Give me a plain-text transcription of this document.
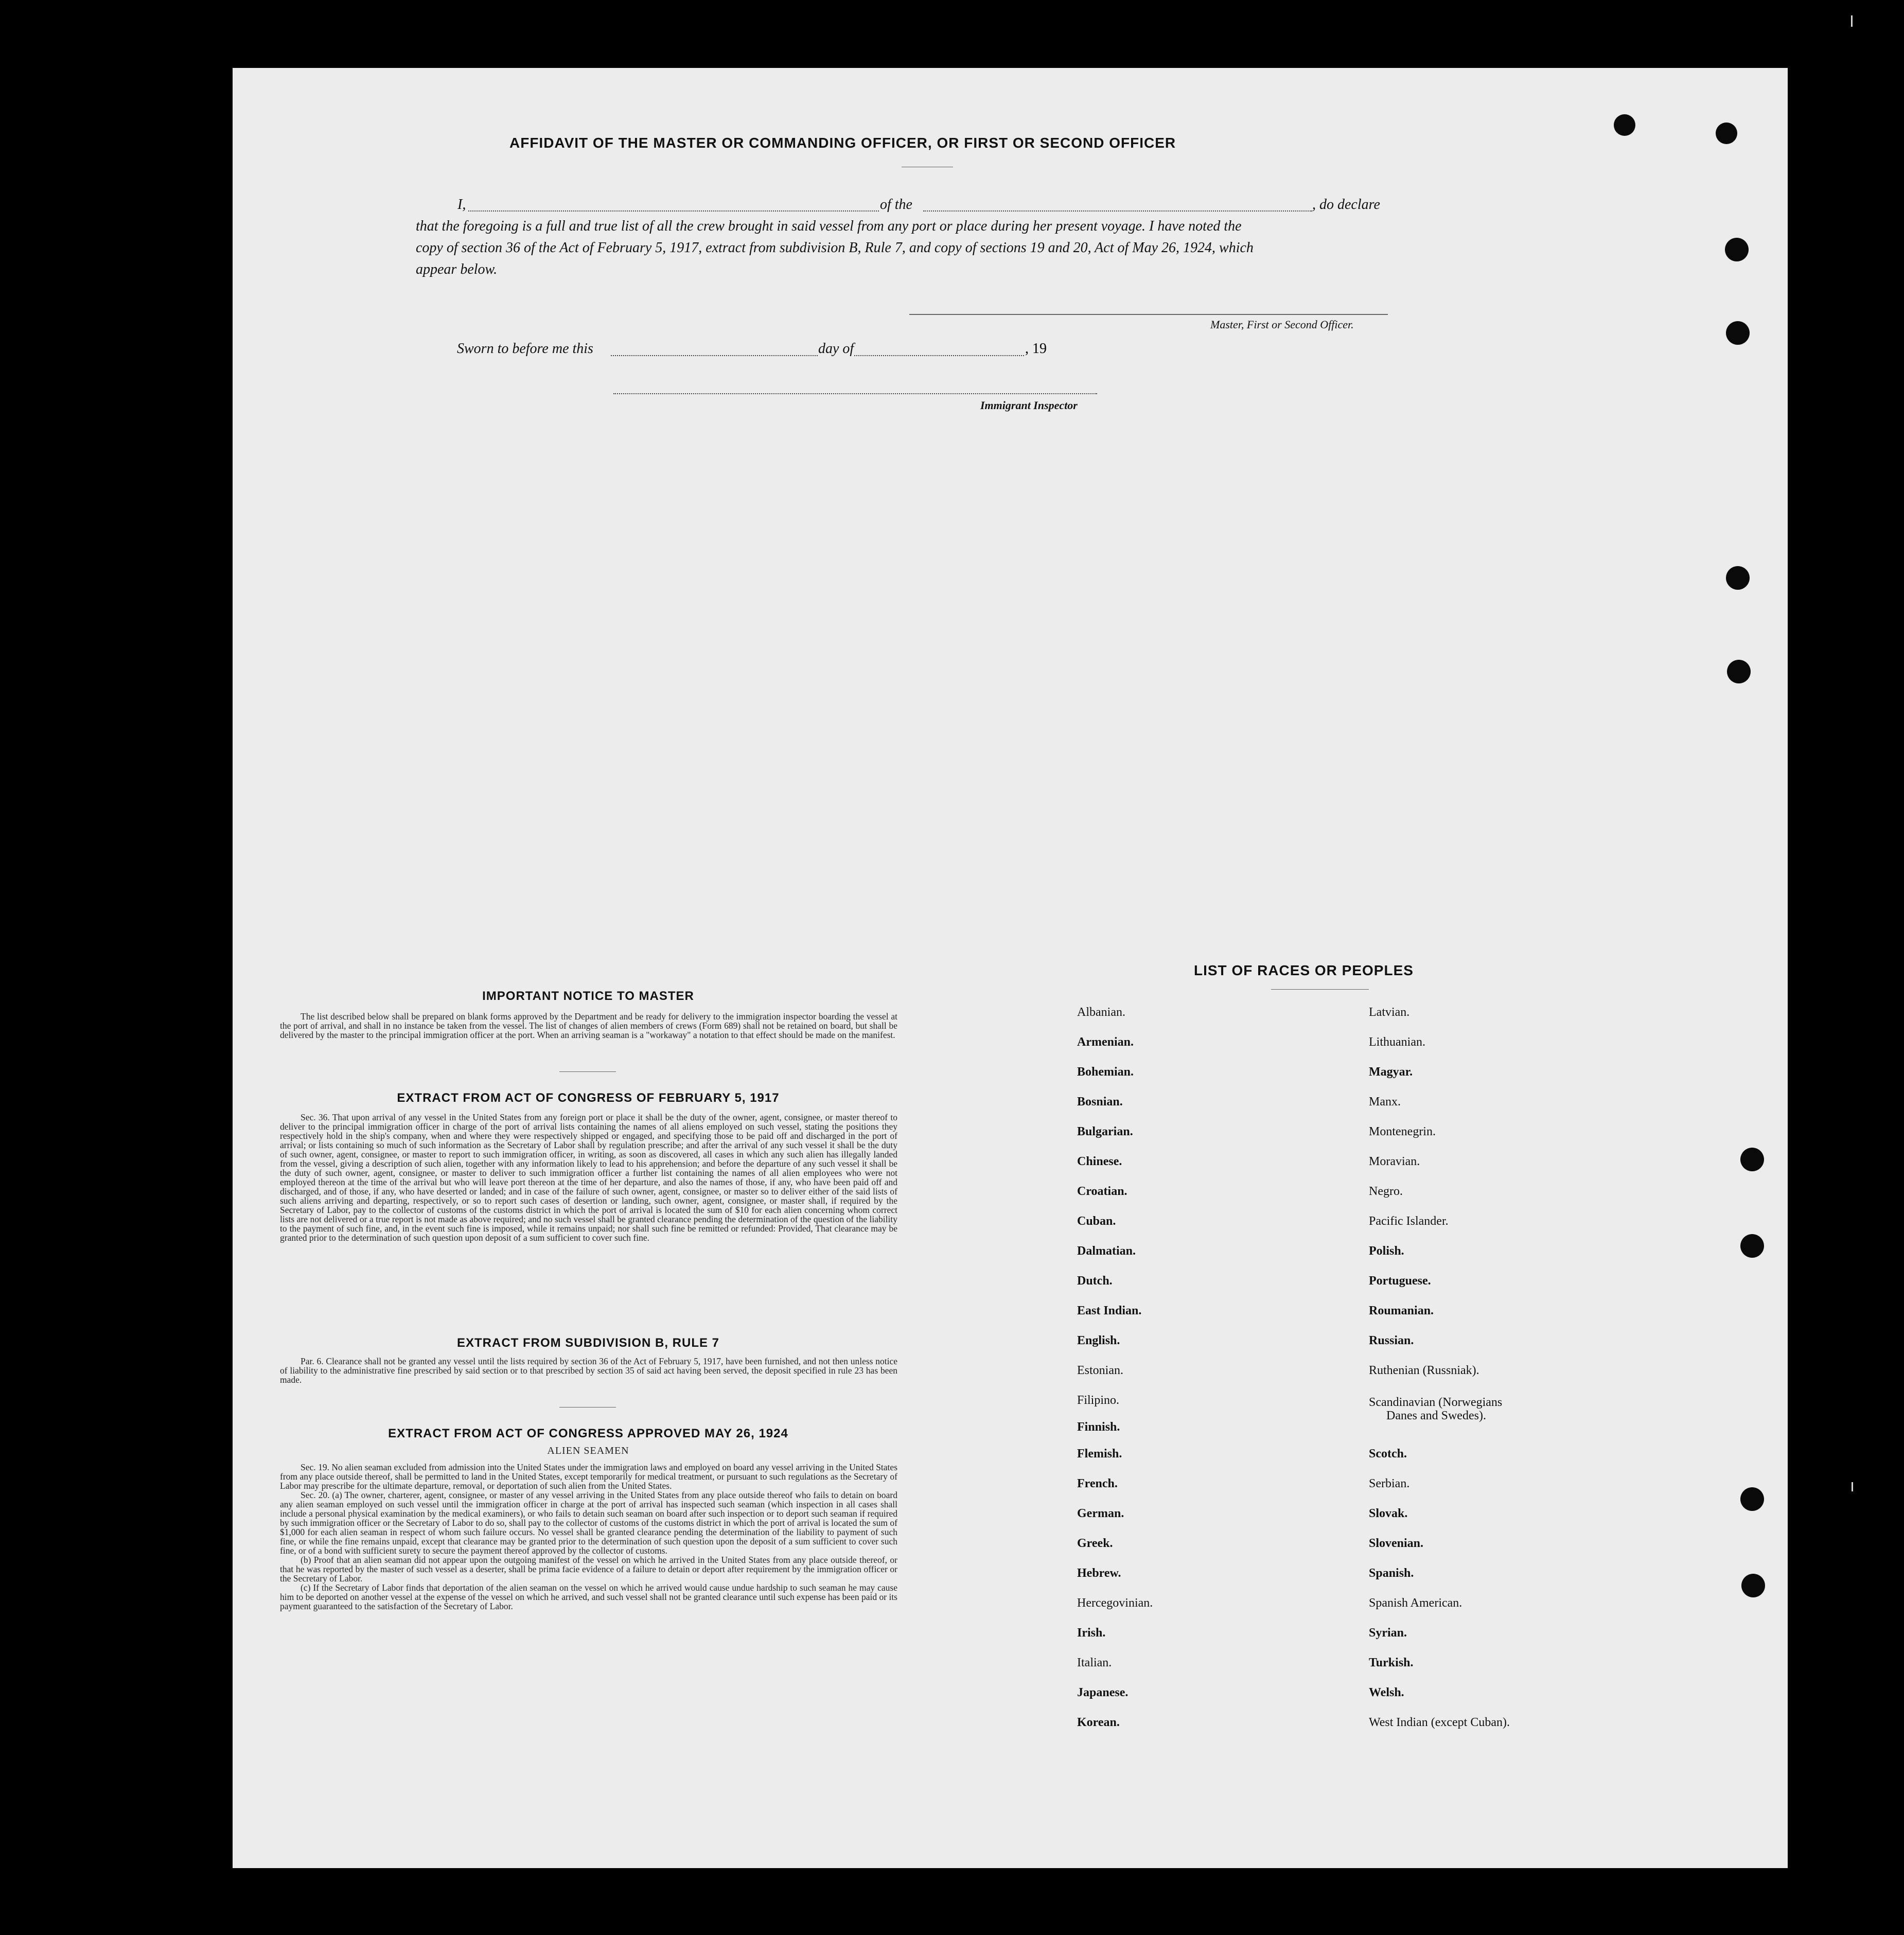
AFFIDAVIT OF THE MASTER OR COMMANDING OFFICER, OR FIRST OR SECOND OFFICER
I,	of the	, do declare
that the foregoing is a full and true list of all the crew brought in said vessel from any port or place during her present voyage. I have noted the
copy of section 36 of the Act of February 5, 1917, extract from subdivision B, Rule 7, and copy of sections 19 and 20, Act of May 26, 1924, which
appear below.
Master, First or Second Officer.
Sworn to before me this	day of	, 19
Immigrant Inspector
IMPORTANT NOTICE TO MASTER

The list described below shall be prepared on blank forms approved by the Department and be ready for delivery to the immigration inspector boarding the vessel at the port of arrival, and shall in no instance be taken from the vessel. The list of changes of alien members of crews (Form 689) shall not be retained on board, but shall be delivered by the master to the principal immigration officer at the port. When an arriving seaman is a "workaway" a notation to that effect should be made on the manifest.

EXTRACT FROM ACT OF CONGRESS OF FEBRUARY 5, 1917

Sec. 36. That upon arrival of any vessel in the United States from any foreign port or place it shall be the duty of the owner, agent, consignee, or master thereof to deliver to the principal immigration officer in charge of the port of arrival lists containing the names of all aliens employed on such vessel, stating the positions they respectively hold in the ship's company, when and where they were respectively shipped or engaged, and specifying those to be paid off and discharged in the port of arrival; or lists containing so much of such information as the Secretary of Labor shall by regulation prescribe; and after the arrival of any such vessel it shall be the duty of such owner, agent, consignee, or master to report to such immigration officer, in writing, as soon as discovered, all cases in which any such alien has illegally landed from the vessel, giving a description of such alien, together with any information likely to lead to his apprehension; and before the departure of any such vessel it shall be the duty of such owner, agent, consignee, or master to deliver to such immigration officer a further list containing the names of all alien employees who were not employed thereon at the time of the arrival but who will leave port thereon at the time of her departure, and also the names of those, if any, who have been paid off and discharged, and of those, if any, who have deserted or landed; and in case of the failure of such owner, agent, consignee, or master so to deliver either of the said lists of such aliens arriving and departing, respectively, or so to report such cases of desertion or landing, such owner, agent, consignee, or master shall, if required by the Secretary of Labor, pay to the collector of customs of the customs district in which the port of arrival is located the sum of $10 for each alien concerning whom correct lists are not delivered or a true report is not made as above required; and no such vessel shall be granted clearance pending the determination of the question of the liability to the payment of such fine, and, in the event such fine is imposed, while it remains unpaid; nor shall such fine be remitted or refunded: Provided, That clearance may be granted prior to the determination of such question upon deposit of a sum sufficient to cover such fine.

EXTRACT FROM SUBDIVISION B, RULE 7

Par. 6. Clearance shall not be granted any vessel until the lists required by section 36 of the Act of February 5, 1917, have been furnished, and not then unless notice of liability to the administrative fine prescribed by said section or to that prescribed by section 35 of said act having been served, the deposit specified in rule 23 has been made.

EXTRACT FROM ACT OF CONGRESS APPROVED MAY 26, 1924
ALIEN SEAMEN

Sec. 19. No alien seaman excluded from admission into the United States under the immigration laws and employed on board any vessel arriving in the United States from any place outside thereof, shall be permitted to land in the United States, except temporarily for medical treatment, or pursuant to such regulations as the Secretary of Labor may prescribe for the ultimate departure, removal, or deportation of such alien from the United States.

Sec. 20. (a) The owner, charterer, agent, consignee, or master of any vessel arriving in the United States from any place outside thereof who fails to detain on board any alien seaman employed on such vessel until the immigration officer in charge at the port of arrival has inspected such seaman (which inspection in all cases shall include a personal physical examination by the medical examiners), or who fails to detain such seaman on board after such inspection or to deport such seaman if required by such immigration officer or the Secretary of Labor to do so, shall pay to the collector of customs of the customs district in which the port of arrival is located the sum of $1,000 for each alien seaman in respect of whom such failure occurs. No vessel shall be granted clearance pending the determination of the liability to payment of such fine, or while the fine remains unpaid, except that clearance may be granted prior to the determination of such question upon the deposit of a sum sufficient to cover such fine, or of a bond with sufficient surety to secure the payment thereof approved by the collector of customs.

(b) Proof that an alien seaman did not appear upon the outgoing manifest of the vessel on which he arrived in the United States from any place outside thereof, or that he was reported by the master of such vessel as a deserter, shall be prima facie evidence of a failure to detain or deport after requirement by the immigration officer or the Secretary of Labor.

(c) If the Secretary of Labor finds that deportation of the alien seaman on the vessel on which he arrived would cause undue hardship to such seaman he may cause him to be deported on another vessel at the expense of the vessel on which he arrived, and such vessel shall not be granted clearance until such expense has been paid or its payment guaranteed to the satisfaction of the Secretary of Labor.

LIST OF RACES OR PEOPLES
Albanian.
Armenian.
Bohemian.
Bosnian.
Bulgarian.
Chinese.
Croatian.
Cuban.
Dalmatian.
Dutch.
East Indian.
English.
Estonian.
Filipino.
Finnish.
Flemish.
French.
German.
Greek.
Hebrew.
Hercegovinian.
Irish.
Italian.
Japanese.
Korean.
Latvian.
Lithuanian.
Magyar.
Manx.
Montenegrin.
Moravian.
Negro.
Pacific Islander.
Polish.
Portuguese.
Roumanian.
Russian.
Ruthenian (Russniak).
Scandinavian (Norwegians
Danes and Swedes).
Scotch.
Serbian.
Slovak.
Slovenian.
Spanish.
Spanish American.
Syrian.
Turkish.
Welsh.
West Indian (except Cuban).
